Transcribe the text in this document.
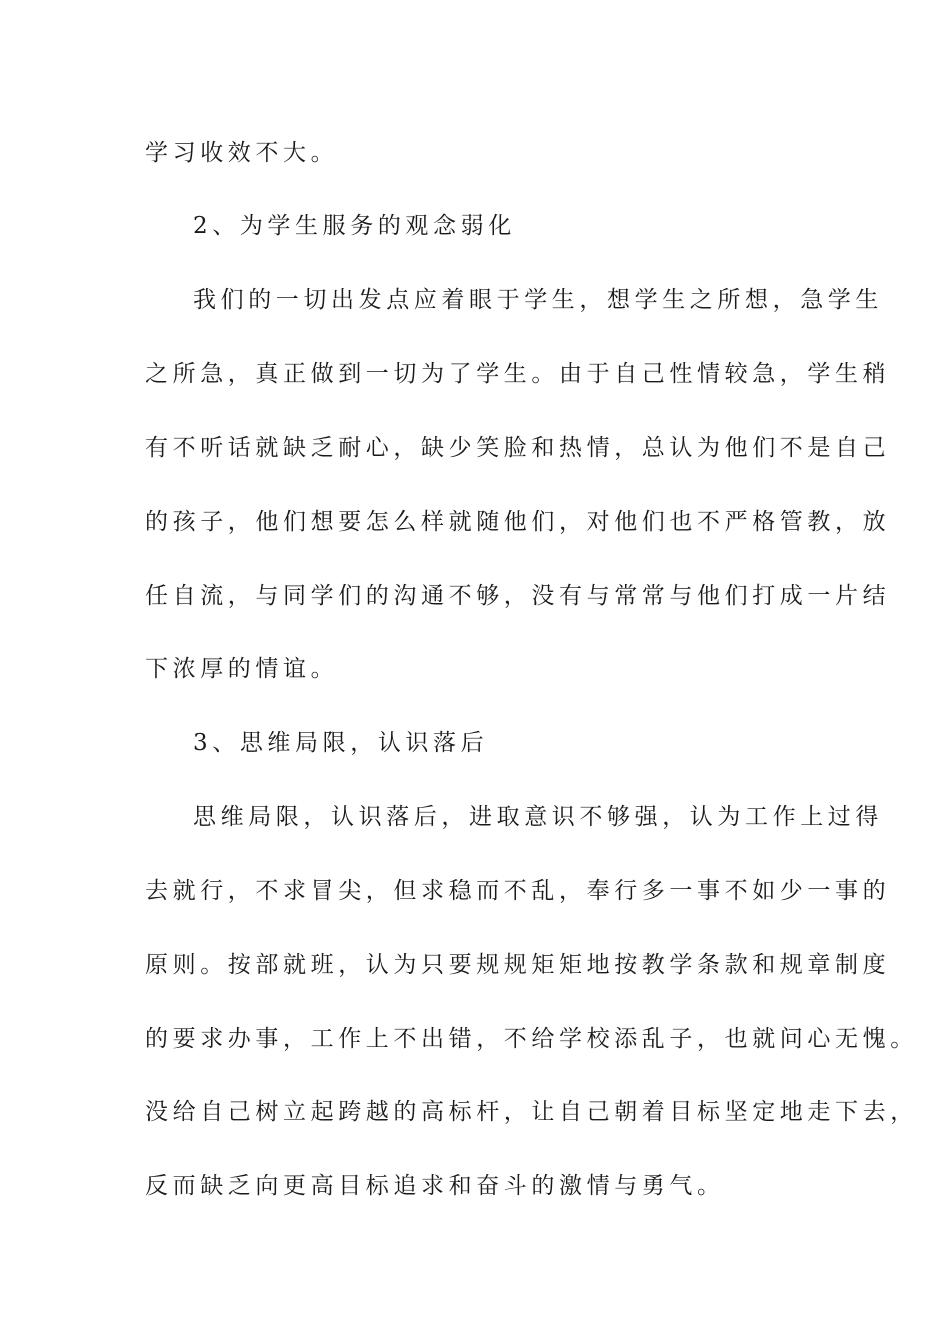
学习收效不大。
2、为学生服务的观念弱化
我们的一切出发点应着眼于学生，想学生之所想，急学生
之所急，真正做到一切为了学生。由于自己性情较急，学生稍
有不听话就缺乏耐心，缺少笑脸和热情，总认为他们不是自己
的孩子，他们想要怎么样就随他们，对他们也不严格管教，放
任自流，与同学们的沟通不够，没有与常常与他们打成一片结
下浓厚的情谊。
3、思维局限，认识落后
思维局限，认识落后，进取意识不够强，认为工作上过得
去就行，不求冒尖，但求稳而不乱，奉行多一事不如少一事的
原则。按部就班，认为只要规规矩矩地按教学条款和规章制度
的要求办事，工作上不出错，不给学校添乱子，也就问心无愧。
没给自己树立起跨越的高标杆，让自己朝着目标坚定地走下去，
反而缺乏向更高目标追求和奋斗的激情与勇气。
